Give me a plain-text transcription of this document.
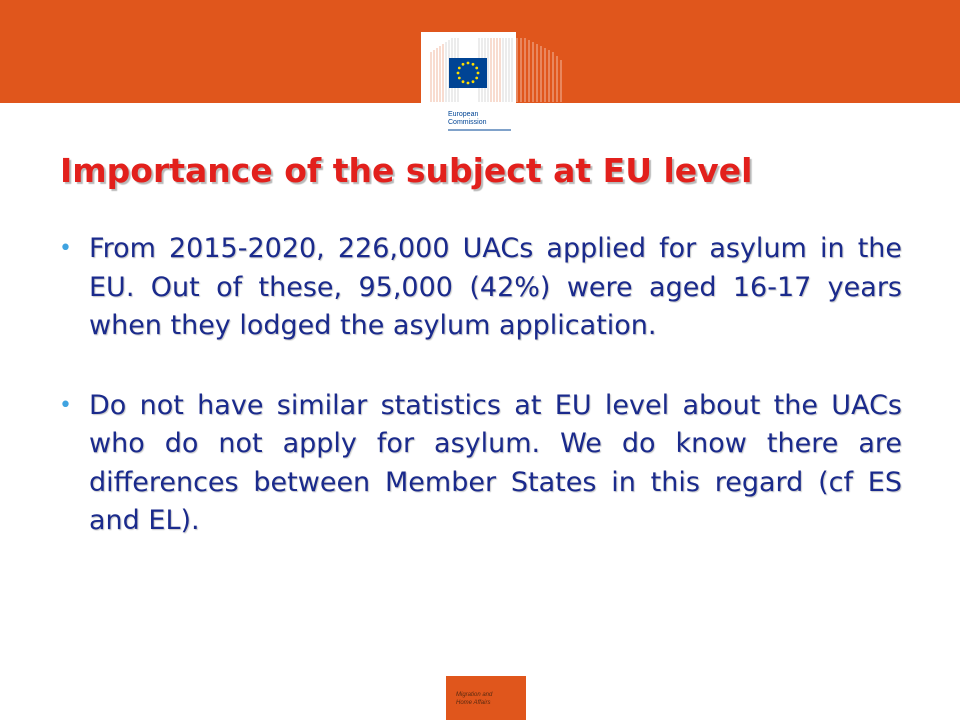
European
Commission
Importance of the subject at EU level
• From 2015-2020, 226,000 UACs applied for asylum in the EU. Out of these, 95,000 (42%) were aged 16-17 years when they lodged the asylum application.
• Do not have similar statistics at EU level about the UACs who do not apply for asylum. We do know there are differences between Member States in this regard (cf ES and EL).
Migration and
Home Affairs
